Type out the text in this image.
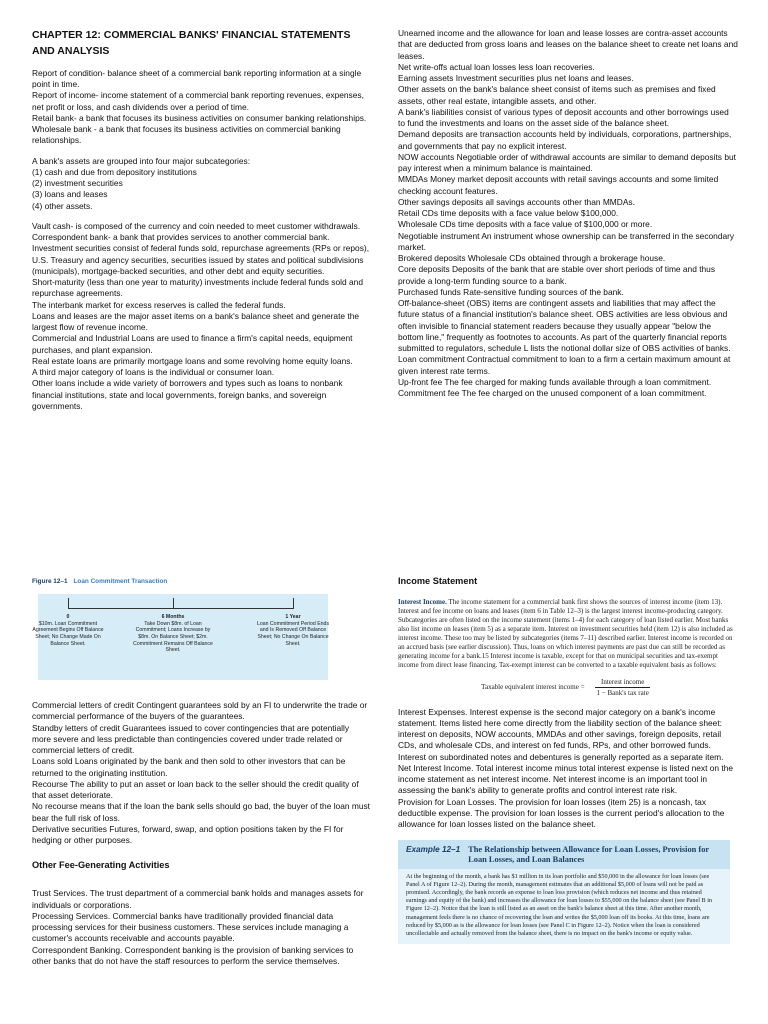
CHAPTER 12: COMMERCIAL BANKS' FINANCIAL STATEMENTS AND ANALYSIS

Report of condition- balance sheet of a commercial bank reporting information at a single point in time.

Report of income- income statement of a commercial bank reporting revenues, expenses, net profit or loss, and cash dividends over a period of time.

Retail bank- a bank that focuses its business activities on consumer banking relationships.

Wholesale bank - a bank that focuses its business activities on commercial banking relationships.

A bank's assets are grouped into four major subcategories:

(1) cash and due from depository institutions

(2) investment securities

(3) loans and leases

(4) other assets.

Vault cash- is composed of the currency and coin needed to meet customer withdrawals.

Correspondent bank- a bank that provides services to another commercial bank.

Investment securities consist of federal funds sold, repurchase agreements (RPs or repos), U.S. Treasury and agency securities, securities issued by states and political subdivisions (municipals), mortgage-backed securities, and other debt and equity securities.

Short-maturity (less than one year to maturity) investments include federal funds sold and repurchase agreements.

The interbank market for excess reserves is called the federal funds.

Loans and leases are the major asset items on a bank's balance sheet and generate the largest flow of revenue income.

Commercial and Industrial Loans are used to finance a firm's capital needs, equipment purchases, and plant expansion.

Real estate loans are primarily mortgage loans and some revolving home equity loans.

A third major category of loans is the individual or consumer loan.

Other loans include a wide variety of borrowers and types such as loans to nonbank financial institutions, state and local governments, foreign banks, and sovereign governments.

Unearned income and the allowance for loan and lease losses are contra-asset accounts that are deducted from gross loans and leases on the balance sheet to create net loans and leases.

Net write-offs actual loan losses less loan recoveries.

Earning assets Investment securities plus net loans and leases.

Other assets on the bank's balance sheet consist of items such as premises and fixed assets, other real estate, intangible assets, and other.

A bank's liabilities consist of various types of deposit accounts and other borrowings used to fund the investments and loans on the asset side of the balance sheet.

Demand deposits are transaction accounts held by individuals, corporations, partnerships, and governments that pay no explicit interest.

NOW accounts Negotiable order of withdrawal accounts are similar to demand deposits but pay interest when a minimum balance is maintained.

MMDAs Money market deposit accounts with retail savings accounts and some limited checking account features.

Other savings deposits all savings accounts other than MMDAs.

Retail CDs time deposits with a face value below $100,000.

Wholesale CDs time deposits with a face value of $100,000 or more.

Negotiable instrument An instrument whose ownership can be transferred in the secondary market.

Brokered deposits Wholesale CDs obtained through a brokerage house.

Core deposits Deposits of the bank that are stable over short periods of time and thus provide a long-term funding source to a bank.

Purchased funds Rate-sensitive funding sources of the bank.

Off-balance-sheet (OBS) items are contingent assets and liabilities that may affect the future status of a financial institution's balance sheet. OBS activities are less obvious and often invisible to financial statement readers because they usually appear "below the bottom line," frequently as footnotes to accounts. As part of the quarterly financial reports submitted to regulators, schedule L lists the notional dollar size of OBS activities of banks.

Loan commitment Contractual commitment to loan to a firm a certain maximum amount at given interest rate terms.

Up-front fee The fee charged for making funds available through a loan commitment.

Commitment fee The fee charged on the unused component of a loan commitment.

Figure 12–1 Loan Commitment Transaction
0
$10m. Loan Commitment Agreement Begins Off Balance Sheet; No Change Made On Balance Sheet.
6 Months
Take Down $8m. of Loan Commitment; Loans Increase by $8m. On Balance Sheet; $2m. Commitment Remains Off Balance Sheet.
1 Year
Loan Commitment Period Ends and Is Removed Off Balance Sheet; No Change On Balance Sheet.

Commercial letters of credit Contingent guarantees sold by an FI to underwrite the trade or commercial performance of the buyers of the guarantees.

Standby letters of credit Guarantees issued to cover contingencies that are potentially more severe and less predictable than contingencies covered under trade related or commercial letters of credit.

Loans sold Loans originated by the bank and then sold to other investors that can be returned to the originating institution.

Recourse The ability to put an asset or loan back to the seller should the credit quality of that asset deteriorate.

No recourse means that if the loan the bank sells should go bad, the buyer of the loan must bear the full risk of loss.

Derivative securities Futures, forward, swap, and option positions taken by the FI for hedging or other purposes.

Other Fee-Generating Activities

Trust Services. The trust department of a commercial bank holds and manages assets for individuals or corporations.

Processing Services. Commercial banks have traditionally provided financial data processing services for their business customers. These services include managing a customer's accounts receivable and accounts payable.

Correspondent Banking. Correspondent banking is the provision of banking services to other banks that do not have the staff resources to perform the service themselves.

Income Statement
Interest Income. The income statement for a commercial bank first shows the sources of interest income (item 13). Interest and fee income on loans and leases (item 6 in Table 12–3) is the largest interest income-producing category. Subcategories are often listed on the income statement (items 1–4) for each category of loan listed earlier. Most banks also list income on leases (item 5) as a separate item. Interest on investment securities held (item 12) is also included as interest income. These too may be listed by subcategories (items 7–11) described earlier. Interest income is recorded on an accrued basis (see earlier discussion). Thus, loans on which interest payments are past due can still be recorded as generating income for a bank.15 Interest income is taxable, except for that on municipal securities and tax-exempt income from direct lease financing. Tax-exempt interest can be converted to a taxable equivalent basis as follows:
Taxable equivalent interest income = $\frac{\text{Interest income}}{\text{1 − Bank's tax rate}}$

Interest Expenses. Interest expense is the second major category on a bank's income statement. Items listed here come directly from the liability section of the balance sheet: interest on deposits, NOW accounts, MMDAs and other savings, foreign deposits, retail CDs, and wholesale CDs, and interest on fed funds, RPs, and other borrowed funds. Interest on subordinated notes and debentures is generally reported as a separate item.

Net Interest Income. Total interest income minus total interest expense is listed next on the income statement as net interest income. Net interest income is an important tool in assessing the bank's ability to generate profits and control interest rate risk.

Provision for Loan Losses. The provision for loan losses (item 25) is a noncash, tax deductible expense. The provision for loan losses is the current period's allocation to the allowance for loan losses listed on the balance sheet.

Example 12–1 The Relationship between Allowance for Loan Losses, Provision for Loan Losses, and Loan Balances
At the beginning of the month, a bank has $1 million in its loan portfolio and $50,000 in the allowance for loan losses (see Panel A of Figure 12–2). During the month, management estimates that an additional $5,000 of loans will not be paid as promised. Accordingly, the bank records an expense to loan loss provision (which reduces net income and thus retained earnings and equity of the bank) and increases the allowance for loan losses to $55,000 on the balance sheet (see Panel B in Figure 12–2). Notice that the loan is still listed as an asset on the bank's balance sheet at this time. After another month, management feels there is no chance of recovering the loan and writes the $5,000 loan off its books. At this time, loans are reduced by $5,000 as is the allowance for loan losses (see Panel C in Figure 12–2). Notice when the loan is considered uncollectable and actually removed from the balance sheet, there is no impact on the bank's income or equity value.
